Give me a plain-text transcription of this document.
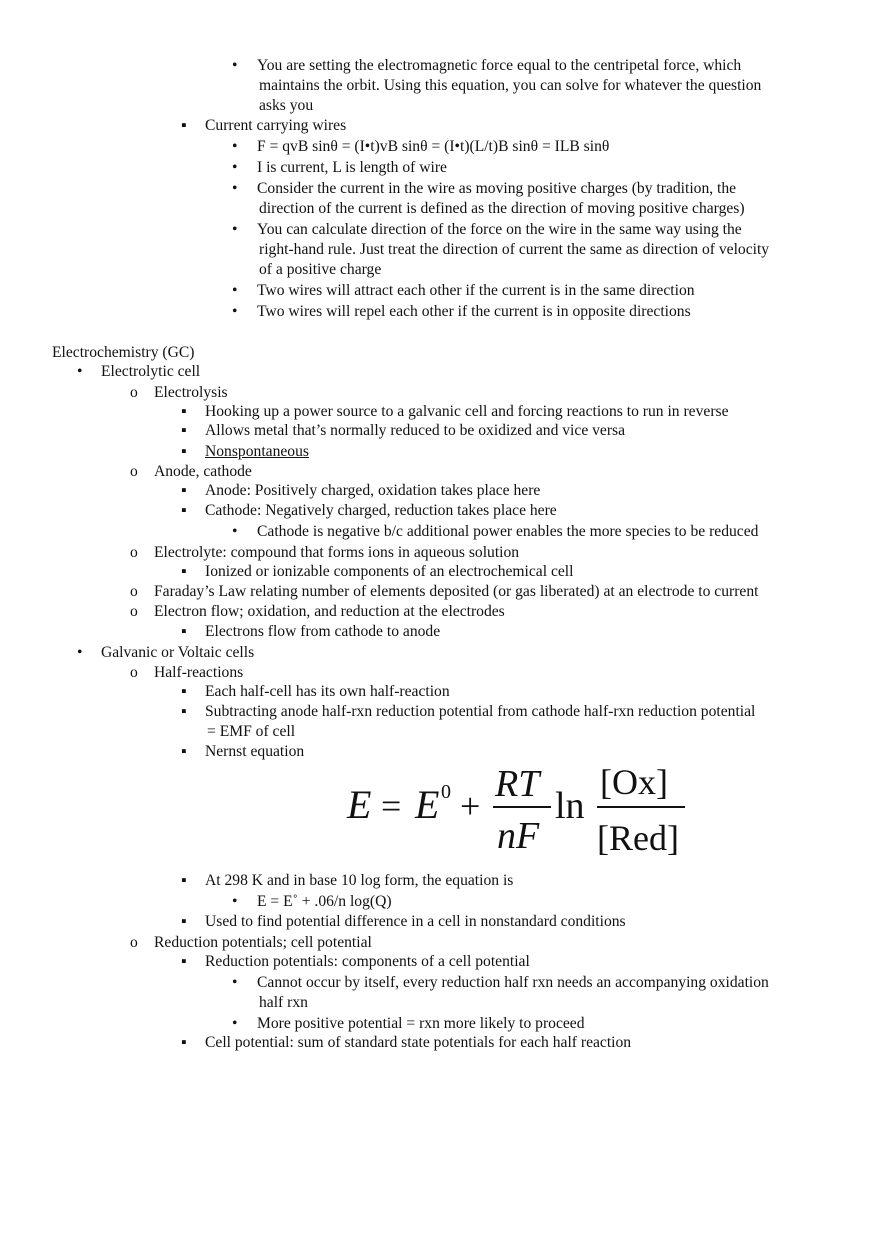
•
▪
•
•
•
•
•
•
•
o
▪
▪
▪
o
▪
▪
•
o
▪
o
o
▪
•
o
▪
▪
▪
▪
•
▪
o
▪
•
•
▪
You are setting the electromagnetic force equal to the centripetal force, which
maintains the orbit. Using this equation, you can solve for whatever the question
asks you
Current carrying wires
F = qvB sinθ = (I•t)vB sinθ = (I•t)(L/t)B sinθ = ILB sinθ
I is current, L is length of wire
Consider the current in the wire as moving positive charges (by tradition, the
direction of the current is defined as the direction of moving positive charges)
You can calculate direction of the force on the wire in the same way using the
right-hand rule. Just treat the direction of current the same as direction of velocity
of a positive charge
Two wires will attract each other if the current is in the same direction
Two wires will repel each other if the current is in opposite directions
Electrochemistry (GC)
Electrolytic cell
Electrolysis
Hooking up a power source to a galvanic cell and forcing reactions to run in reverse
Allows metal that’s normally reduced to be oxidized and vice versa
Nonspontaneous
Anode, cathode
Anode: Positively charged, oxidation takes place here
Cathode: Negatively charged, reduction takes place here
Cathode is negative b/c additional power enables the more species to be reduced
Electrolyte: compound that forms ions in aqueous solution
Ionized or ionizable components of an electrochemical cell
Faraday’s Law relating number of elements deposited (or gas liberated) at an electrode to current
Electron flow; oxidation, and reduction at the electrodes
Electrons flow from cathode to anode
Galvanic or Voltaic cells
Half-reactions
Each half-cell has its own half-reaction
Subtracting anode half-rxn reduction potential from cathode half-rxn reduction potential
= EMF of cell
Nernst equation
E = E 0 +
RT
nF
ln
[Ox]
[Red]
At 298 K and in base 10 log form, the equation is
E = E˚ + .06/n log(Q)
Used to find potential difference in a cell in nonstandard conditions
Reduction potentials; cell potential
Reduction potentials: components of a cell potential
Cannot occur by itself, every reduction half rxn needs an accompanying oxidation
half rxn
More positive potential = rxn more likely to proceed
Cell potential: sum of standard state potentials for each half reaction
